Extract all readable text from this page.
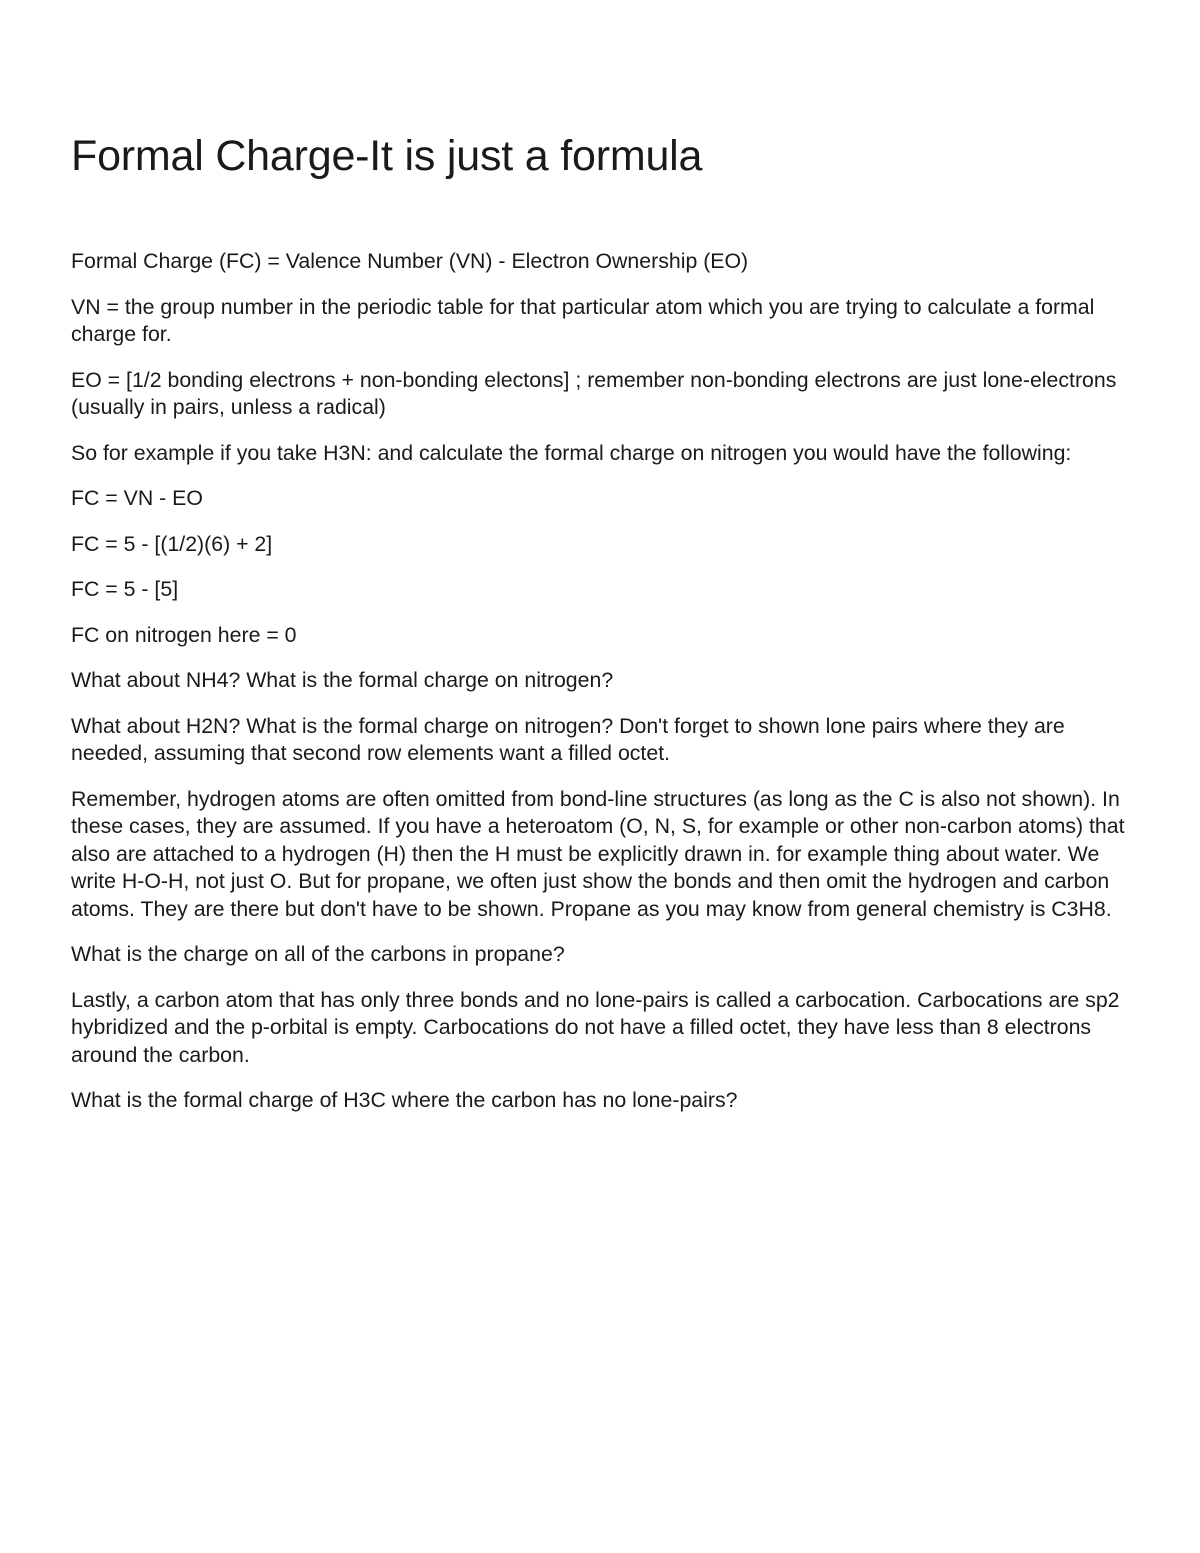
Formal Charge-It is just a formula

Formal Charge (FC) = Valence Number (VN) - Electron Ownership (EO)

VN = the group number in the periodic table for that particular atom which you are trying to calculate a formal charge for.

EO = [1/2 bonding electrons + non-bonding electons] ; remember non-bonding electrons are just lone-electrons (usually in pairs, unless a radical)

So for example if you take H3N: and calculate the formal charge on nitrogen you would have the following:

FC = VN - EO

FC = 5 - [(1/2)(6) + 2]

FC = 5 - [5]

FC on nitrogen here = 0

What about NH4? What is the formal charge on nitrogen?

What about H2N? What is the formal charge on nitrogen? Don't forget to shown lone pairs where they are needed, assuming that second row elements want a filled octet.

Remember, hydrogen atoms are often omitted from bond-line structures (as long as the C is also not shown). In these cases, they are assumed. If you have a heteroatom (O, N, S, for example or other non-carbon atoms) that also are attached to a hydrogen (H) then the H must be explicitly drawn in. for example thing about water. We write H-O-H, not just O. But for propane, we often just show the bonds and then omit the hydrogen and carbon atoms. They are there but don't have to be shown. Propane as you may know from general chemistry is C3H8.

What is the charge on all of the carbons in propane?

Lastly, a carbon atom that has only three bonds and no lone-pairs is called a carbocation. Carbocations are sp2 hybridized and the p-orbital is empty. Carbocations do not have a filled octet, they have less than 8 electrons around the carbon.

What is the formal charge of H3C where the carbon has no lone-pairs?
